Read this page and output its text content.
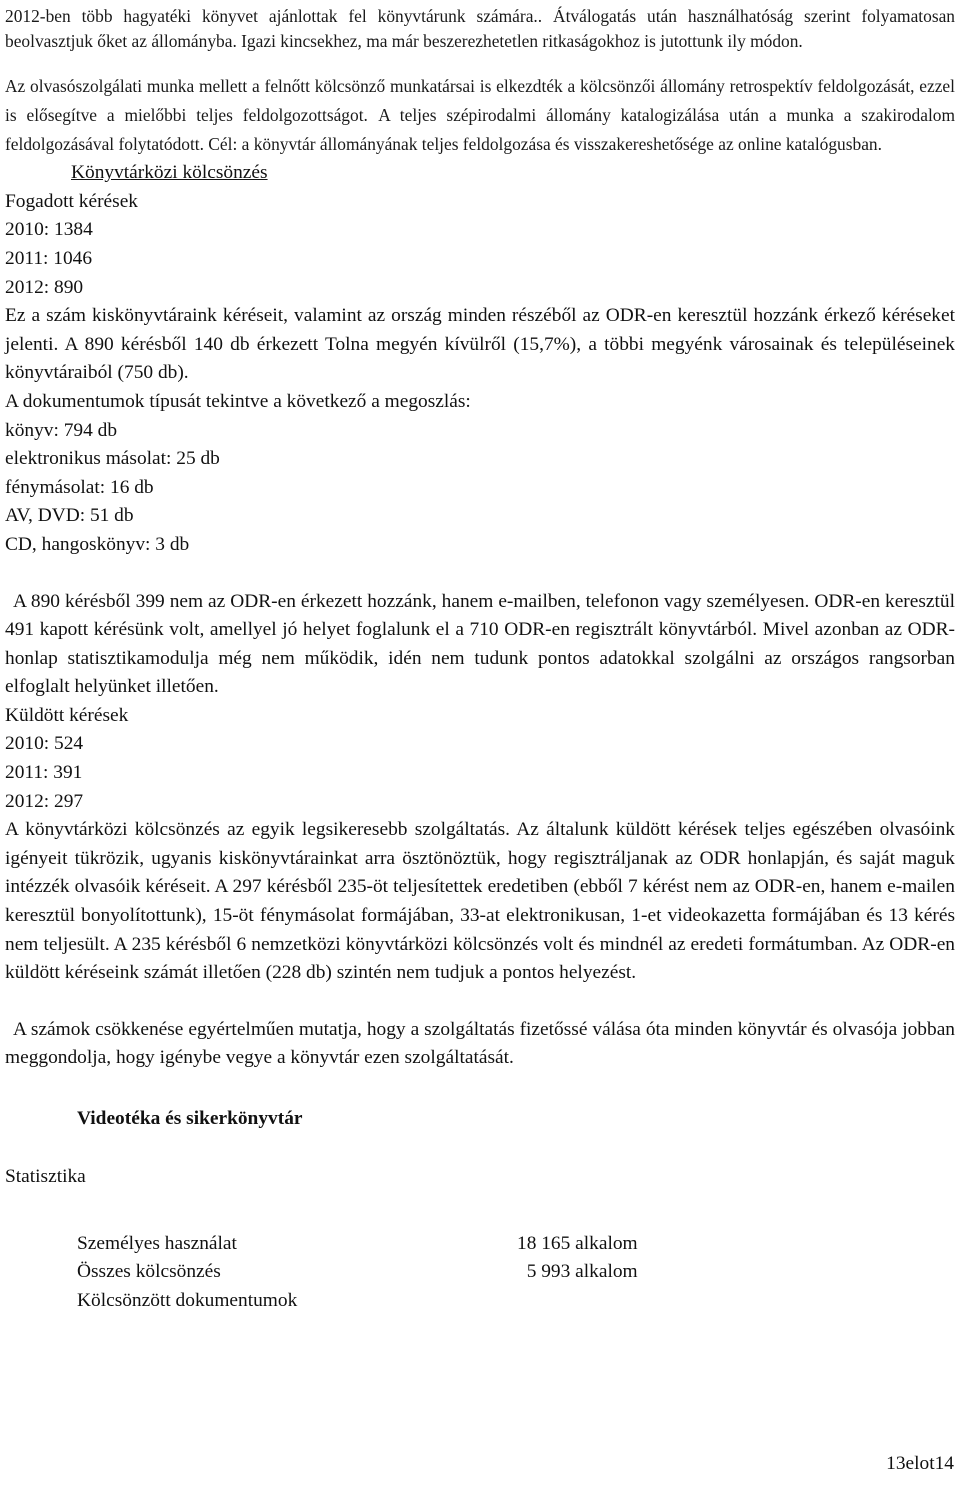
2012-ben több hagyatéki könyvet ajánlottak fel könyvtárunk számára.. Átválogatás után használhatóság szerint folyamatosan beolvasztjuk őket az állományba. Igazi kincsekhez, ma már beszerezhetetlen ritkaságokhoz is jutottunk ily módon.

Az olvasószolgálati munka mellett a felnőtt kölcsönző munkatársai is elkezdték a kölcsönzői állomány retrospektív feldolgozását, ezzel is elősegítve a mielőbbi teljes feldolgozottságot. A teljes szépirodalmi állomány katalogizálása után a munka a szakirodalom feldolgozásával folytatódott. Cél: a könyvtár állományának teljes feldolgozása és visszakereshetősége az online katalógusban.

Könyvtárközi kölcsönzés

Fogadott kérések

2010: 1384

2011: 1046

2012: 890

Ez a szám kiskönyvtáraink kéréseit, valamint az ország minden részéből az ODR-en keresztül hozzánk érkező kéréseket jelenti. A 890 kérésből 140 db érkezett Tolna megyén kívülről (15,7%), a többi megyénk városainak és településeinek könyvtáraiból (750 db).

A dokumentumok típusát tekintve a következő a megoszlás:

könyv: 794 db

elektronikus másolat: 25 db

fénymásolat: 16 db

AV, DVD: 51 db

CD, hangoskönyv: 3 db

A 890 kérésből 399 nem az ODR-en érkezett hozzánk, hanem e-mailben, telefonon vagy személyesen. ODR-en keresztül 491 kapott kérésünk volt, amellyel jó helyet foglalunk el a 710 ODR-en regisztrált könyvtárból. Mivel azonban az ODR-honlap statisztikamodulja még nem működik, idén nem tudunk pontos adatokkal szolgálni az országos rangsorban elfoglalt helyünket illetően.

Küldött kérések

2010: 524

2011: 391

2012: 297

A könyvtárközi kölcsönzés az egyik legsikeresebb szolgáltatás. Az általunk küldött kérések teljes egészében olvasóink igényeit tükrözik, ugyanis kiskönyvtárainkat arra ösztönöztük, hogy regisztráljanak az ODR honlapján, és saját maguk intézzék olvasóik kéréseit. A 297 kérésből 235-öt teljesítettek eredetiben (ebből 7 kérést nem az ODR-en, hanem e-mailen keresztül bonyolítottunk), 15-öt fénymásolat formájában, 33-at elektronikusan, 1-et videokazetta formájában és 13 kérés nem teljesült. A 235 kérésből 6 nemzetközi könyvtárközi kölcsönzés volt és mindnél az eredeti formátumban. Az ODR-en küldött kéréseink számát illetően (228 db) szintén nem tudjuk a pontos helyezést.

A számok csökkenése egyértelműen mutatja, hogy a szolgáltatás fizetőssé válása óta minden könyvtár és olvasója jobban meggondolja, hogy igénybe vegye a könyvtár ezen szolgáltatását.

Videotéka és sikerkönyvtár

Statisztika

Személyes használat	18 165 alkalom
Összes kölcsönzés	5 993 alkalom
Kölcsönzött dokumentumok
13elot14
